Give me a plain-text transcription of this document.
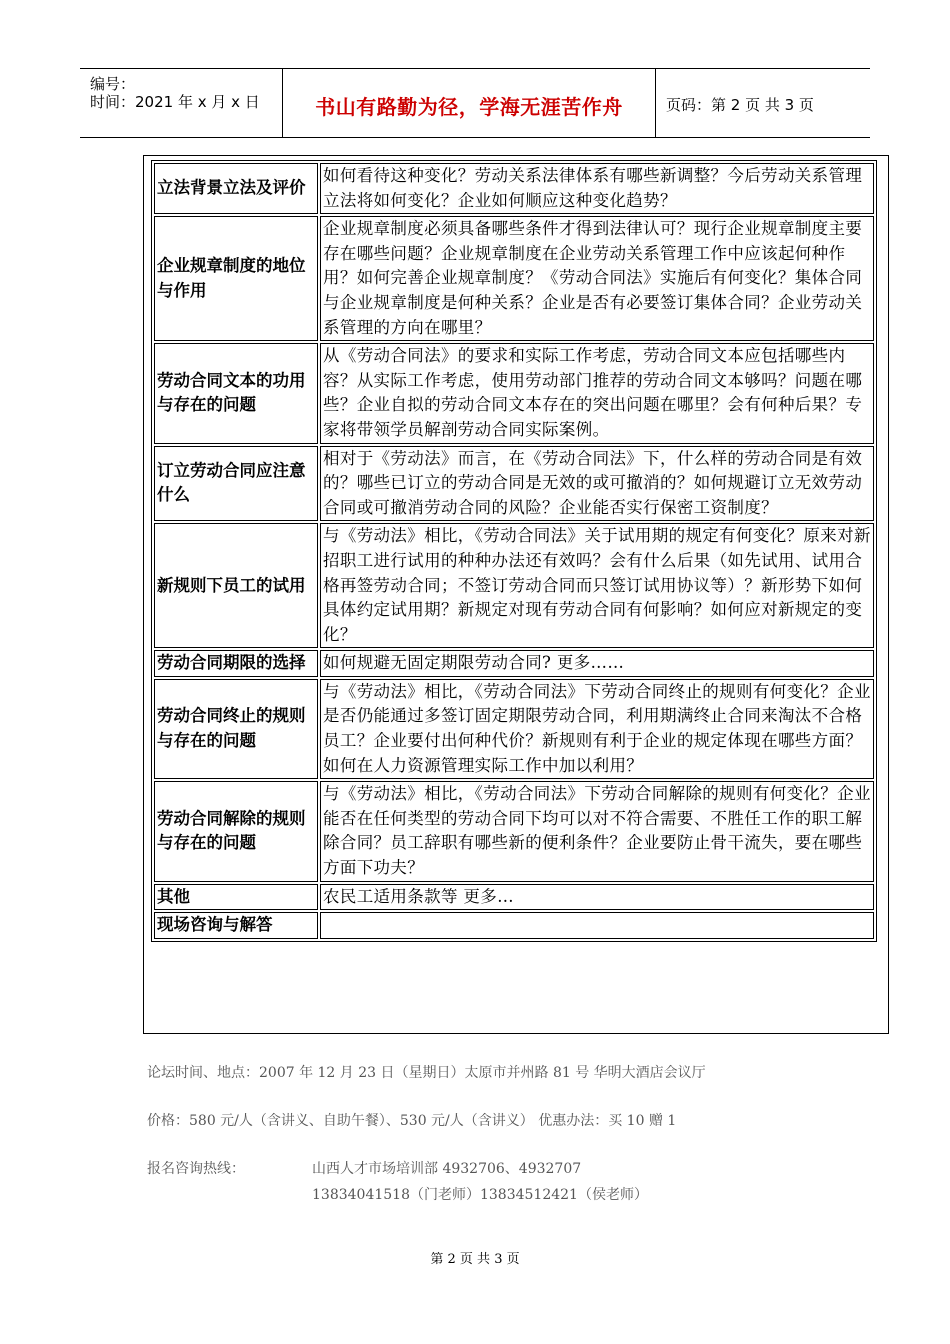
编号：
时间：2021 年 x 月 x 日	书山有路勤为径，学海无涯苦作舟	页码：第 2 页 共 3 页
立法背景立法及评价	如何看待这种变化？劳动关系法律体系有哪些新调整？今后劳动关系管理立法将如何变化？企业如何顺应这种变化趋势？
企业规章制度的地位与作用	企业规章制度必须具备哪些条件才得到法律认可？现行企业规章制度主要存在哪些问题？企业规章制度在企业劳动关系管理工作中应该起何种作用？如何完善企业规章制度？《劳动合同法》实施后有何变化？集体合同与企业规章制度是何种关系？企业是否有必要签订集体合同？企业劳动关系管理的方向在哪里？
劳动合同文本的功用与存在的问题	从《劳动合同法》的要求和实际工作考虑，劳动合同文本应包括哪些内容？从实际工作考虑，使用劳动部门推荐的劳动合同文本够吗？问题在哪些？企业自拟的劳动合同文本存在的突出问题在哪里？会有何种后果？专家将带领学员解剖劳动合同实际案例。
订立劳动合同应注意什么	相对于《劳动法》而言，在《劳动合同法》下，什么样的劳动合同是有效的？哪些已订立的劳动合同是无效的或可撤消的？如何规避订立无效劳动合同或可撤消劳动合同的风险？企业能否实行保密工资制度？
新规则下员工的试用	与《劳动法》相比，《劳动合同法》关于试用期的规定有何变化？原来对新招职工进行试用的种种办法还有效吗？会有什么后果（如先试用、试用合格再签劳动合同；不签订劳动合同而只签订试用协议等）？新形势下如何具体约定试用期？新规定对现有劳动合同有何影响？如何应对新规定的变化？
劳动合同期限的选择	如何规避无固定期限劳动合同? 更多……
劳动合同终止的规则与存在的问题	与《劳动法》相比，《劳动合同法》下劳动合同终止的规则有何变化？企业是否仍能通过多签订固定期限劳动合同，利用期满终止合同来淘汰不合格员工？企业要付出何种代价？新规则有利于企业的规定体现在哪些方面？如何在人力资源管理实际工作中加以利用？
劳动合同解除的规则与存在的问题	与《劳动法》相比，《劳动合同法》下劳动合同解除的规则有何变化？企业能否在任何类型的劳动合同下均可以对不符合需要、不胜任工作的职工解除合同？员工辞职有哪些新的便利条件？企业要防止骨干流失，要在哪些方面下功夫？
其他	农民工适用条款等 更多…
现场咨询与解答	
论坛时间、地点：2007 年 12 月 23 日（星期日）太原市并州路 81 号 华明大酒店会议厅
价格：580 元/人（含讲义、自助午餐）、530 元/人（含讲义） 优惠办法：买 10 赠 1
报名咨询热线：	山西人才市场培训部 4932706、4932707
13834041518（门老师）13834512421（侯老师）
第 2 页 共 3 页
